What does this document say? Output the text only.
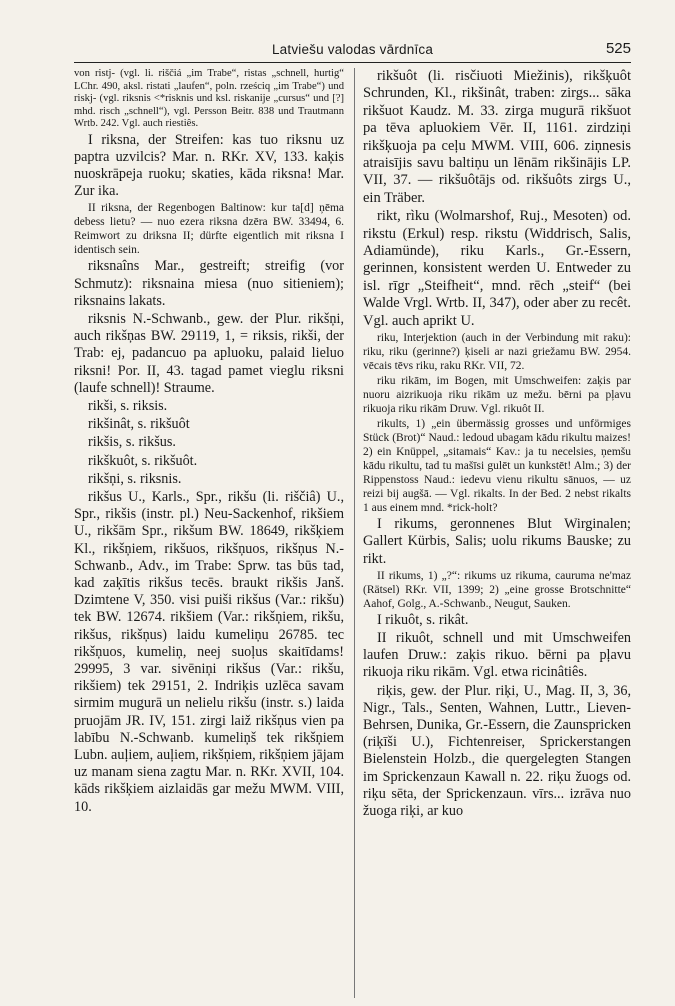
Latviešu valodas vārdnīca	525

von ristj- (vgl. li. riščiá „im Trabe“, ristas „schnell, hurtig“ LChr. 490, aksl. ristati „laufen“, poln. rześciq „im Trabe“) und riskj- (vgl. riksnis <*risknis und ksl. riskanije „cursus“ und [?] mhd. risch „schnell“), vgl. Persson Beitr. 838 und Trautmann Wrtb. 242. Vgl. auch riestiês.

I riksna, der Streifen: kas tuo riksnu uz paptra uzvilcis? Mar. n. RKr. XV, 133. kaķis nuoskrāpeja ruoku; skaties, kāda riksna! Mar. Zur ika.

II riksna, der Regenbogen Baltinow: kur ta[d] ņēma debess lietu? — nuo ezera riksna dzēra BW. 33494, 6. Reimwort zu driksna II; dürfte eigentlich mit riksna I identisch sein.

riksnaîns Mar., gestreift; streifig (vor Schmutz): riksnaina miesa (nuo sitieniem); riksnains lakats.

riksnis N.-Schwanb., gew. der Plur. rikšņi, auch rikšņas BW. 29119, 1, = riksis, rikši, der Trab: ej, padancuo pa apluoku, palaid lieluo riksni! Por. II, 43. tagad pamet vieglu riksni (laufe schnell)! Straume.

rikši, s. riksis.

rikšinât, s. rikšuôt

rikšis, s. rikšus.

rikškuôt, s. rikšuôt.

rikšņi, s. riksnis.

rikšus U., Karls., Spr., rikšu (li. riščiâ) U., Spr., rikšis (instr. pl.) Neu-Sackenhof, rikšiem U., rikšām Spr., rikšum BW. 18649, rikšķiem Kl., rikšņiem, rikšuos, rikšņuos, rikšņus N.-Schwanb., Adv., im Trabe: Sprw. tas būs tad, kad zaķītis rikšus tecēs. braukt rikšis Janš. Dzimtene V, 350. visi puiši rikšus (Var.: rikšu) tek BW. 12674. rikšiem (Var.: rikšņiem, rikšu, rikšus, rikšņus) laidu kumeliņu 26785. tec rikšņuos, kumeliņ, neej suoļus skaitīdams! 29995, 3 var. sivēniņi rikšus (Var.: rikšu, rikšiem) tek 29151, 2. Indriķis uzlēca savam sirmim mugurā un nelielu rikšu (instr. s.) laida pruojām JR. IV, 151. zirgi laiž rikšņus vien pa labību N.-Schwanb. kumeliņš tek rikšņiem Lubn. auļiem, auļiem, rikšņiem, rikšņiem jājam uz manam siena zagtu Mar. n. RKr. XVII, 104. kāds rikšķiem aizlaidās gar mežu MWM. VIII, 10.

rikšuôt (li. risčiuoti Miežinis), rikšķuôt Schrunden, Kl., rikšinât, traben: zirgs... sāka rikšuot Kaudz. M. 33. zirga mugurā rikšuot pa tēva apluokiem Vēr. II, 1161. zirdziņi rikšķuoja pa ceļu MWM. VIII, 606. ziņnesis atraisījis savu baltiņu un lēnām rikšinājis LP. VII, 37. — rikšuôtājs od. rikšuôts zirgs U., ein Träber.

rikt, rìku (Wolmarshof, Ruj., Mesoten) od. rikstu (Erkul) resp. rikstu (Widdrisch, Salis, Adiamünde), riku Karls., Gr.-Essern, gerinnen, konsistent werden U. Entweder zu isl. rīgr „Steifheit“, mnd. rēch „steif“ (bei Walde Vrgl. Wrtb. II, 347), oder aber zu recêt. Vgl. auch aprikt U.

riku, Interjektion (auch in der Verbindung mit raku): riku, riku (gerinne?) ķiseli ar nazi griežamu BW. 2954. vēcais tēvs riku, raku RKr. VII, 72.

riku rikām, im Bogen, mit Umschweifen: zaķis par nuoru aizrikuoja riku rikām uz mežu. bērni pa pļavu rikuoja riku rikām Druw. Vgl. rikuôt II.

rikults, 1) „ein übermässig grosses und unförmiges Stück (Brot)“ Naud.: ledoud ubagam kādu rikultu maizes! 2) ein Knüppel, „sitamais“ Kav.: ja tu necelsies, ņemšu kādu rikultu, tad tu mašīsi gulēt un kunkstēt! Alm.; 3) der Rippenstoss Naud.: iedevu vienu rikultu sānuos, — uz reizi bij augšā. — Vgl. rikalts. In der Bed. 2 nebst rikalts 1 aus einem mnd. *rick-holt?

I rikums, geronnenes Blut Wirginalen; Gallert Kürbis, Salis; uolu rikums Bauske; zu rikt.

II rikums, 1) „?“: rikums uz rikuma, caurumа ne'maz (Rätsel) RKr. VII, 1399; 2) „eine grosse Brotschnitte“ Aahof, Golg., A.-Schwanb., Neugut, Sauken.

I rikuôt, s. rikât.

II rikuôt, schnell und mit Umschweifen laufen Druw.: zaķis rikuo. bērni pa pļavu rikuoja riku rikām. Vgl. etwa ricinâtiês.

riķis, gew. der Plur. riķi, U., Mag. II, 3, 36, Nigr., Tals., Senten, Wahnen, Luttr., Lieven-Behrsen, Dunika, Gr.-Essern, die Zaunspricken (riķīši U.), Fichtenreiser, Sprickerstangen Bielenstein Holzb., die quergelegten Stangen im Sprickenzaun Kawall n. 22. riķu žuogs od. riķu sēta, der Sprickenzaun. vīrs... izrāva nuo žuoga riķi, ar kuo
